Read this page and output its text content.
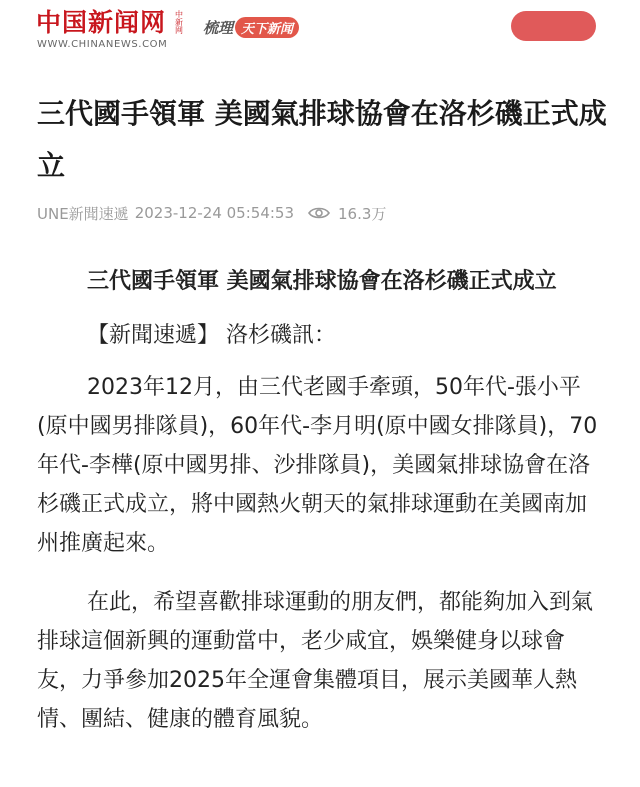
中国新闻网 中新网
WWW.CHINANEWS.COM
梳理 天下新闻
三代國手領軍 美國氣排球協會在洛杉磯正式成立
UNE新聞速遞 2023-12-24 05:54:53	16.3万

三代國手領軍 美國氣排球協會在洛杉磯正式成立

【新聞速遞】 洛杉磯訊：

2023年12月，由三代老國手牽頭，50年代-張小平(原中國男排隊員)，60年代-李月明(原中國女排隊員)，70年代-李樺(原中國男排、沙排隊員)，美國氣排球協會在洛杉磯正式成立，將中國熱火朝天的氣排球運動在美國南加州推廣起來。

在此，希望喜歡排球運動的朋友們，都能夠加入到氣排球這個新興的運動當中，老少咸宜，娛樂健身以球會友，力爭參加2025年全運會集體項目，展示美國華人熱情、團結、健康的體育風貌。
